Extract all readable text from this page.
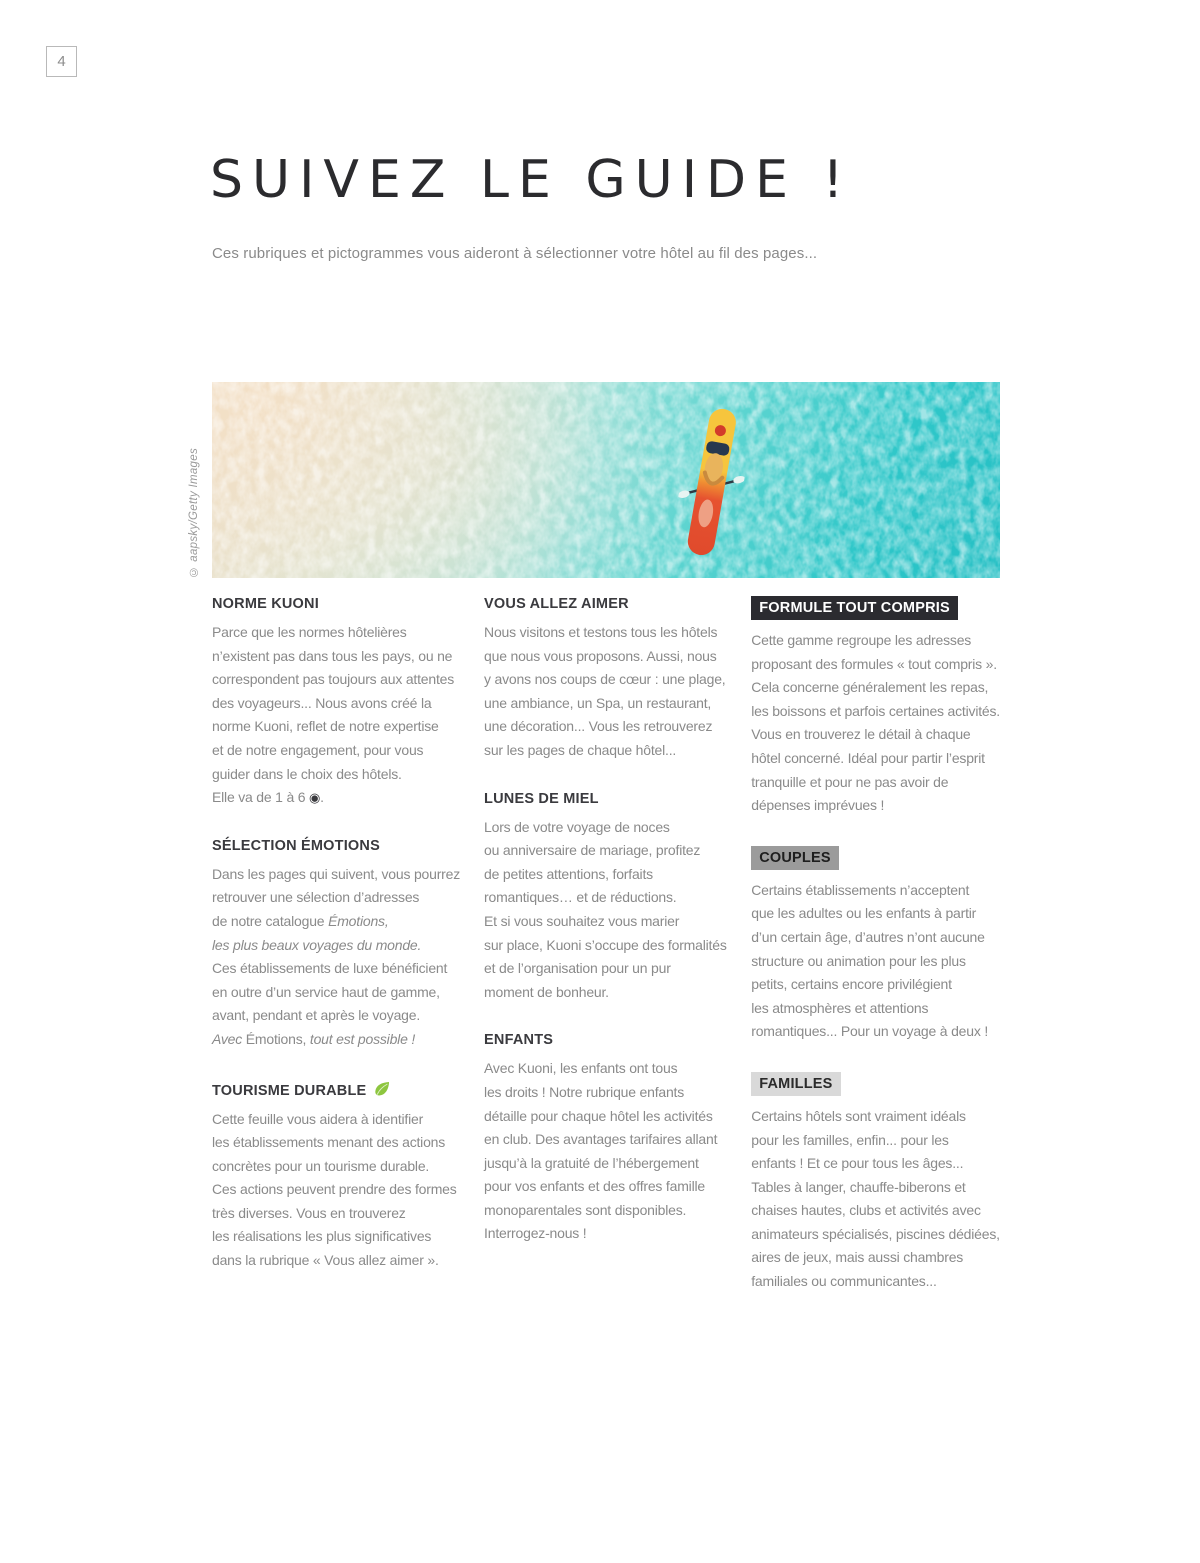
4
SUIVEZ LE GUIDE !

Ces rubriques et pictogrammes vous aideront à sélectionner votre hôtel au fil des pages...

© aapsky/Getty Images
NORME KUONI

Parce que les normes hôtelières
n’existent pas dans tous les pays, ou ne
correspondent pas toujours aux attentes
des voyageurs... Nous avons créé la
norme Kuoni, reflet de notre expertise
et de notre engagement, pour vous
guider dans le choix des hôtels.
Elle va de 1 à 6 ◉.

SÉLECTION ÉMOTIONS

Dans les pages qui suivent, vous pourrez
retrouver une sélection d’adresses
de notre catalogue Émotions,
les plus beaux voyages du monde.
Ces établissements de luxe bénéficient
en outre d’un service haut de gamme,
avant, pendant et après le voyage.
Avec Émotions, tout est possible !

TOURISME DURABLE

Cette feuille vous aidera à identifier
les établissements menant des actions
concrètes pour un tourisme durable.
Ces actions peuvent prendre des formes
très diverses. Vous en trouverez
les réalisations les plus significatives
dans la rubrique « Vous allez aimer ».

VOUS ALLEZ AIMER

Nous visitons et testons tous les hôtels
que nous vous proposons. Aussi, nous
y avons nos coups de cœur : une plage,
une ambiance, un Spa, un restaurant,
une décoration... Vous les retrouverez
sur les pages de chaque hôtel...

LUNES DE MIEL

Lors de votre voyage de noces
ou anniversaire de mariage, profitez
de petites attentions, forfaits
romantiques… et de réductions.
Et si vous souhaitez vous marier
sur place, Kuoni s’occupe des formalités
et de l’organisation pour un pur
moment de bonheur.

ENFANTS

Avec Kuoni, les enfants ont tous
les droits ! Notre rubrique enfants
détaille pour chaque hôtel les activités
en club. Des avantages tarifaires allant
jusqu’à la gratuité de l’hébergement
pour vos enfants et des offres famille
monoparentales sont disponibles.
Interrogez-nous !

FORMULE TOUT COMPRIS

Cette gamme regroupe les adresses
proposant des formules « tout compris ».
Cela concerne généralement les repas,
les boissons et parfois certaines activités.
Vous en trouverez le détail à chaque
hôtel concerné. Idéal pour partir l’esprit
tranquille et pour ne pas avoir de
dépenses imprévues !

COUPLES

Certains établissements n’acceptent
que les adultes ou les enfants à partir
d’un certain âge, d’autres n’ont aucune
structure ou animation pour les plus
petits, certains encore privilégient
les atmosphères et attentions
romantiques... Pour un voyage à deux !

FAMILLES

Certains hôtels sont vraiment idéals
pour les familles, enfin... pour les
enfants ! Et ce pour tous les âges...
Tables à langer, chauffe-biberons et
chaises hautes, clubs et activités avec
animateurs spécialisés, piscines dédiées,
aires de jeux, mais aussi chambres
familiales ou communicantes...
